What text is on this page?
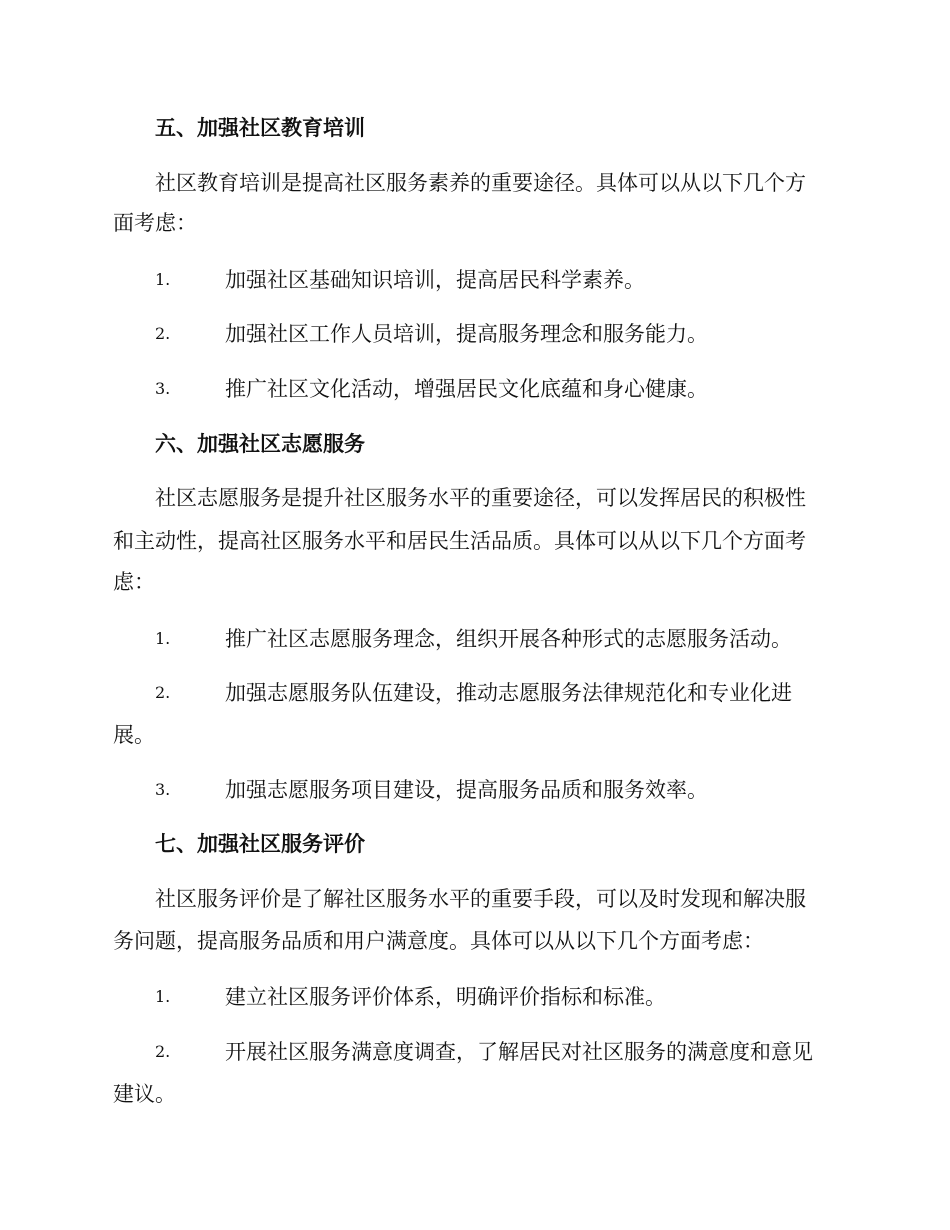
五、加强社区教育培训
社区教育培训是提高社区服务素养的重要途径。具体可以从以下几个方
面考虑：
1.	加强社区基础知识培训，提高居民科学素养。
2.	加强社区工作人员培训，提高服务理念和服务能力。
3.	推广社区文化活动，增强居民文化底蕴和身心健康。
六、加强社区志愿服务
社区志愿服务是提升社区服务水平的重要途径，可以发挥居民的积极性
和主动性，提高社区服务水平和居民生活品质。具体可以从以下几个方面考
虑：
1.	推广社区志愿服务理念，组织开展各种形式的志愿服务活动。
2.	加强志愿服务队伍建设，推动志愿服务法律规范化和专业化进
展。
3.	加强志愿服务项目建设，提高服务品质和服务效率。
七、加强社区服务评价
社区服务评价是了解社区服务水平的重要手段，可以及时发现和解决服
务问题，提高服务品质和用户满意度。具体可以从以下几个方面考虑：
1.	建立社区服务评价体系，明确评价指标和标准。
2.	开展社区服务满意度调查，了解居民对社区服务的满意度和意见
建议。
